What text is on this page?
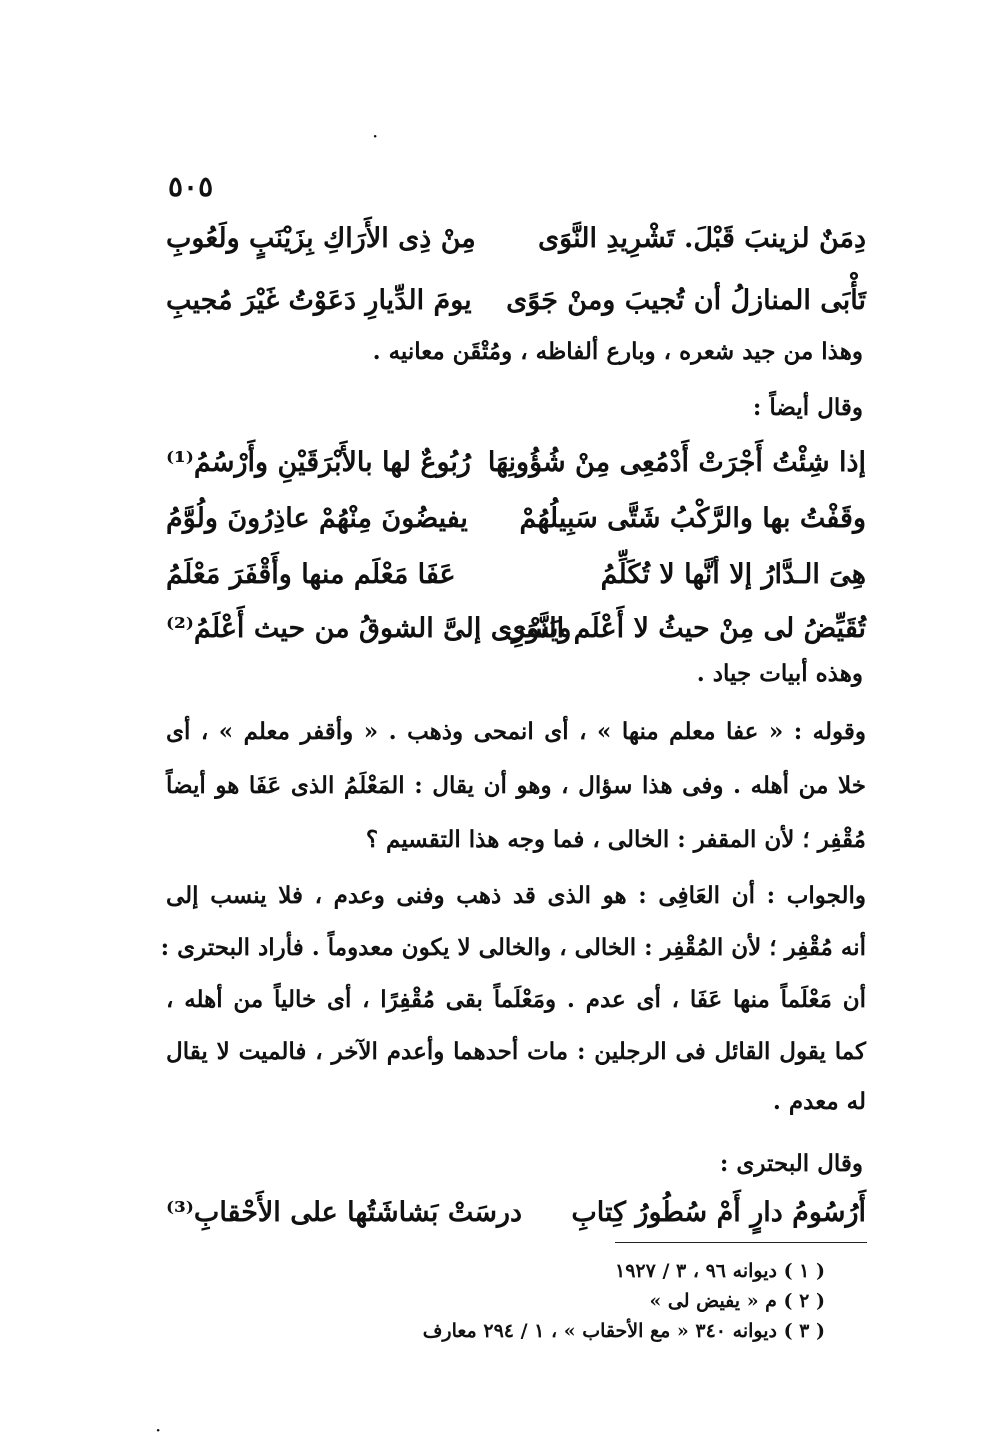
·
·
٥٠٥
دِمَنٌ لزينبَ قَبْلَ. تَشْرِيدِ النَّوَى
مِنْ ذِى الأَرَاكِ بِزَيْنَبٍ ولَعُوبِ
تَأْبَى المنازلُ أن تُجيبَ ومنْ جَوًى
يومَ الدِّيارِ دَعَوْتُ غَيْرَ مُجيبِ
وهذا من جيد شعره ، وبارع ألفاظه ، ومُتْقَن معانيه .
وقال أيضاً :
إذا شِئْتُ أَجْرَتْ أَدْمُعِى مِنْ شُؤُونِهَا
رُبُوعٌ لها بالأَبْرَقَيْنِ وأَرْسُمُ⁽¹⁾
وقَفْتُ بها والرَّكْبُ شَتَّى سَبِيلُهُمْ
يفيضُونَ مِنْهُمْ عاذِرُونَ ولُوَّمُ
هِىَ الـدَّارُ إلا أنَّها لا تُكَلِّمُ
عَفَا مَعْلَم منها وأَقْفَرَ مَعْلَمُ
تُقَيِّضُ لى مِنْ حيثُ لا أَعْلَم النَّوَى
ويَسْرِى إلىَّ الشوقُ من حيث أَعْلَمُ⁽²⁾
وهذه أبيات جياد .
وقوله : « عفا معلم منها » ، أى انمحى وذهب . « وأقفر معلم » ، أى
خلا من أهله . وفى هذا سؤال ، وهو أن يقال : المَعْلَمُ الذى عَفَا هو أيضاً
مُقْفِر ؛ لأن المقفر : الخالى ، فما وجه هذا التقسيم ؟
والجواب : أن العَافِى : هو الذى قد ذهب وفنى وعدم ، فلا ينسب إلى
أنه مُقْفِر ؛ لأن المُقْفِر : الخالى ، والخالى لا يكون معدوماً . فأراد البحترى :
أن مَعْلَماً منها عَفَا ، أى عدم . ومَعْلَماً بقى مُقْفِرًا ، أى خالياً من أهله ،
كما يقول القائل فى الرجلين : مات أحدهما وأعدم الآخر ، فالميت لا يقال
له معدم .
وقال البحترى :
أَرُسُومُ دارٍ أَمْ سُطُورُ كِتابِ
درسَتْ بَشاشَتُها على الأَحْقابِ⁽³⁾
( ١ ) ديوانه ٩٦ ، ٣ / ١٩٢٧
( ٢ ) م « يفيض لى »
( ٣ ) ديوانه ٣٤٠ « مع الأحقاب » ، ١ / ٢٩٤ معارف
